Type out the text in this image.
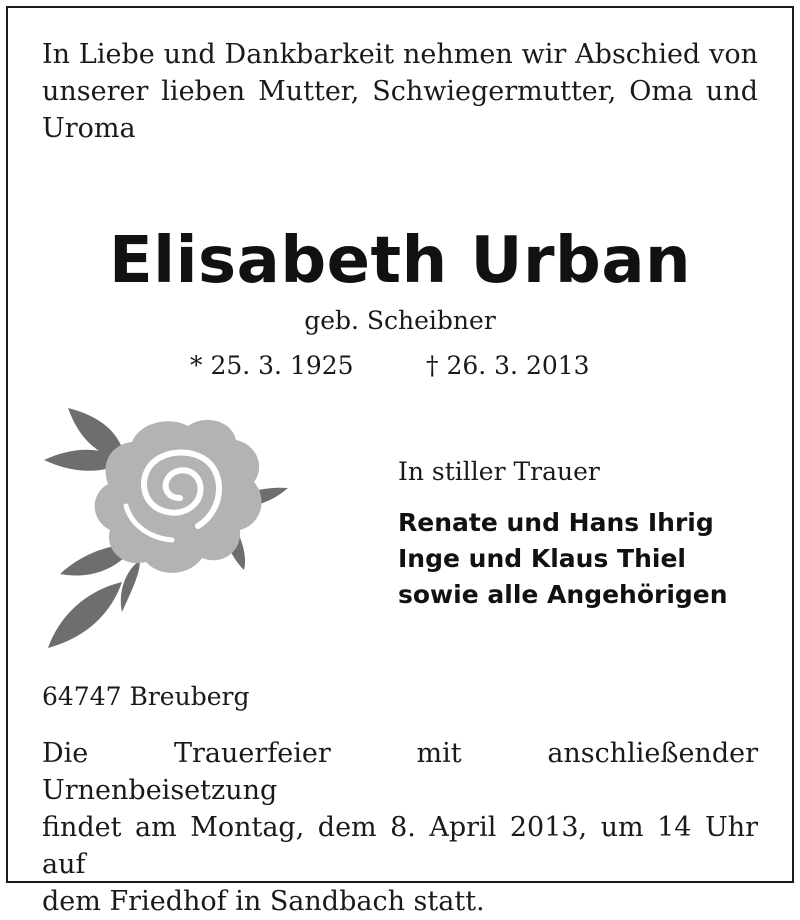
In Liebe und Dankbarkeit nehmen wir Abschied von
unserer lieben Mutter, Schwiegermutter, Oma und
Uroma
Elisabeth Urban
geb. Scheibner
* 25. 3. 1925	† 26. 3. 2013
In stiller Trauer
Renate und Hans Ihrig
Inge und Klaus Thiel
sowie alle Angehörigen
64747 Breuberg
Die Trauerfeier mit anschließender Urnenbeisetzung
findet am Montag, dem 8. April 2013, um 14 Uhr auf
dem Friedhof in Sandbach statt.
